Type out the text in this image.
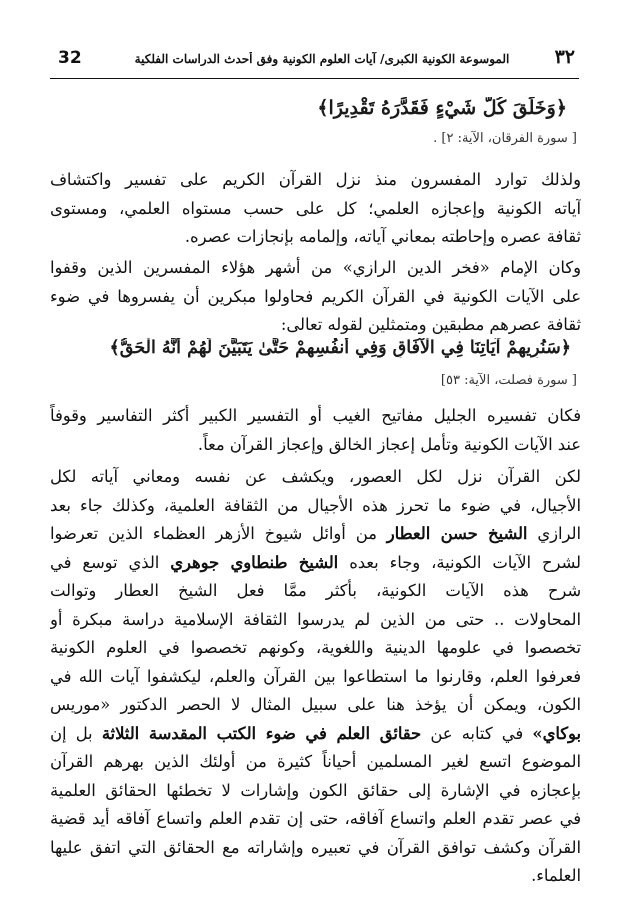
32	الموسوعة الكونية الكبرى/ آيات العلوم الكونية وفق أحدث الدراسات الفلكية	٣٢
﴿وَخَلَقَ كُلَّ شَيْءٍ فَقَدَّرَهُ تَقْدِيرًا﴾
[ سورة الفرقان، الآية: ٢] .
ولذلك توارد المفسرون منذ نزل القرآن الكريم على تفسير واكتشاف
آياته الكونية وإعجازه العلمي؛ كل على حسب مستواه العلمي، ومستوى
ثقافة عصره وإحاطته بمعاني آياته، وإلمامه بإنجازات عصره.
وكان الإمام «فخر الدين الرازي» من أشهر هؤلاء المفسرين الذين وقفوا
على الآيات الكونية في القرآن الكريم فحاولوا مبكرين أن يفسروها في ضوء
ثقافة عصرهم مطبقين ومتمثلين لقوله تعالى:
﴿سَنُرِيهِمْ آيَاتِنَا فِي الْآفَاقِ وَفِي أَنفُسِهِمْ حَتَّىٰ يَتَبَيَّنَ لَهُمْ أَنَّهُ الْحَقُّ﴾
[ سورة فصلت، الآية: ٥٣]
فكان تفسيره الجليل مفاتيح الغيب أو التفسير الكبير أكثر التفاسير وقوفاً
عند الآيات الكونية وتأمل إعجاز الخالق وإعجاز القرآن معاً.
لكن القرآن نزل لكل العصور، ويكشف عن نفسه ومعاني آياته لكل
الأجيال، في ضوء ما تحرز هذه الأجيال من الثقافة العلمية، وكذلك جاء بعد
الرازي الشيخ حسن العطار من أوائل شيوخ الأزهر العظماء الذين تعرضوا
لشرح الآيات الكونية، وجاء بعده الشيخ طنطاوي جوهري الذي توسع في
شرح هذه الآيات الكونية، بأكثر ممَّا فعل الشيخ العطار وتوالت
المحاولات .. حتى من الذين لم يدرسوا الثقافة الإسلامية دراسة مبكرة أو
تخصصوا في علومها الدينية واللغوية، وكونهم تخصصوا في العلوم الكونية
فعرفوا العلم، وقارنوا ما استطاعوا بين القرآن والعلم، ليكشفوا آيات الله في
الكون، ويمكن أن يؤخذ هنا على سبيل المثال لا الحصر الدكتور «موريس
بوكاي» في كتابه عن حقائق العلم في ضوء الكتب المقدسة الثلاثة بل إن
الموضوع اتسع لغير المسلمين أحياناً كثيرة من أولئك الذين بهرهم القرآن
بإعجازه في الإشارة إلى حقائق الكون وإشارات لا تخطئها الحقائق العلمية
في عصر تقدم العلم واتساع آفاقه، حتى إن تقدم العلم واتساع آفاقه أيد قضية
القرآن وكشف توافق القرآن في تعبيره وإشاراته مع الحقائق التي اتفق عليها
العلماء.
